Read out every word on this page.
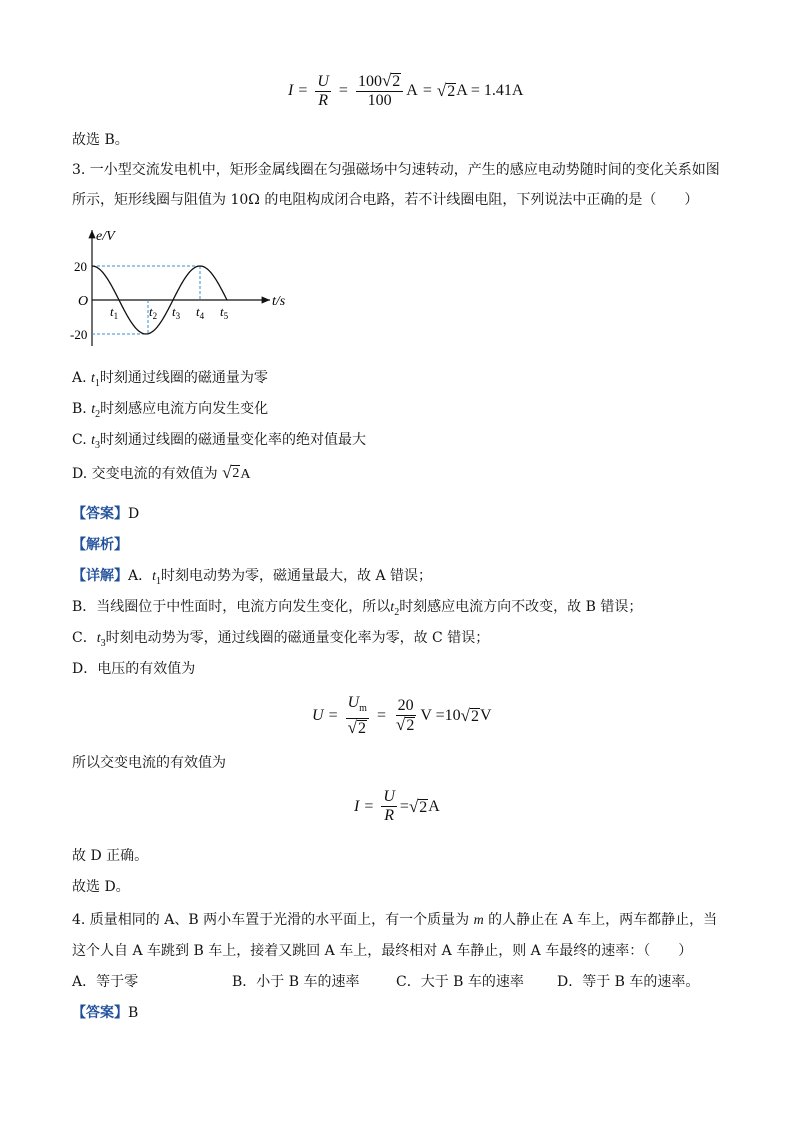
$I = \frac{U}{R} = \frac{100 √ 2}{100}$ A = √ 2 A = 1.41A
故选 B。
3. 一小型交流发电机中，矩形金属线圈在匀强磁场中匀速转动，产生的感应电动势随时间的变化关系如图
所示，矩形线圈与阻值为 10Ω 的电阻构成闭合电路，若不计线圈电阻，下列说法中正确的是（　　）
e/V
t/s
20
-20
O
$t_1$ $t_2$ $t_3$ $t_4$ $t_5$
A. $t_1$时刻通过线圈的磁通量为零
B. $t_2$时刻感应电流方向发生变化
C. $t_3$时刻通过线圈的磁通量变化率的绝对值最大
D. 交变电流的有效值为 √ 2 A
【答案】D
【解析】
【详解】A．$t_1$时刻电动势为零，磁通量最大，故 A 错误；
B．当线圈位于中性面时，电流方向发生变化，所以$t_2$时刻感应电流方向不改变，故 B 错误；
C．$t_3$时刻电动势为零，通过线圈的磁通量变化率为零，故 C 错误；
D．电压的有效值为
$U = \frac{U_m}{√ 2} = \frac{20}{√ 2}$ V =10 √ 2 V
所以交变电流的有效值为
$I = \frac{U}{R}$ = √ 2 A
故 D 正确。
故选 D。
4. 质量相同的 A、B 两小车置于光滑的水平面上，有一个质量为 m 的人静止在 A 车上，两车都静止，当
这个人自 A 车跳到 B 车上，接着又跳回 A 车上，最终相对 A 车静止，则 A 车最终的速率：（　　）
A．等于零	B．小于 B 车的速率	C．大于 B 车的速率 D．等于 B 车的速率。
【答案】B
